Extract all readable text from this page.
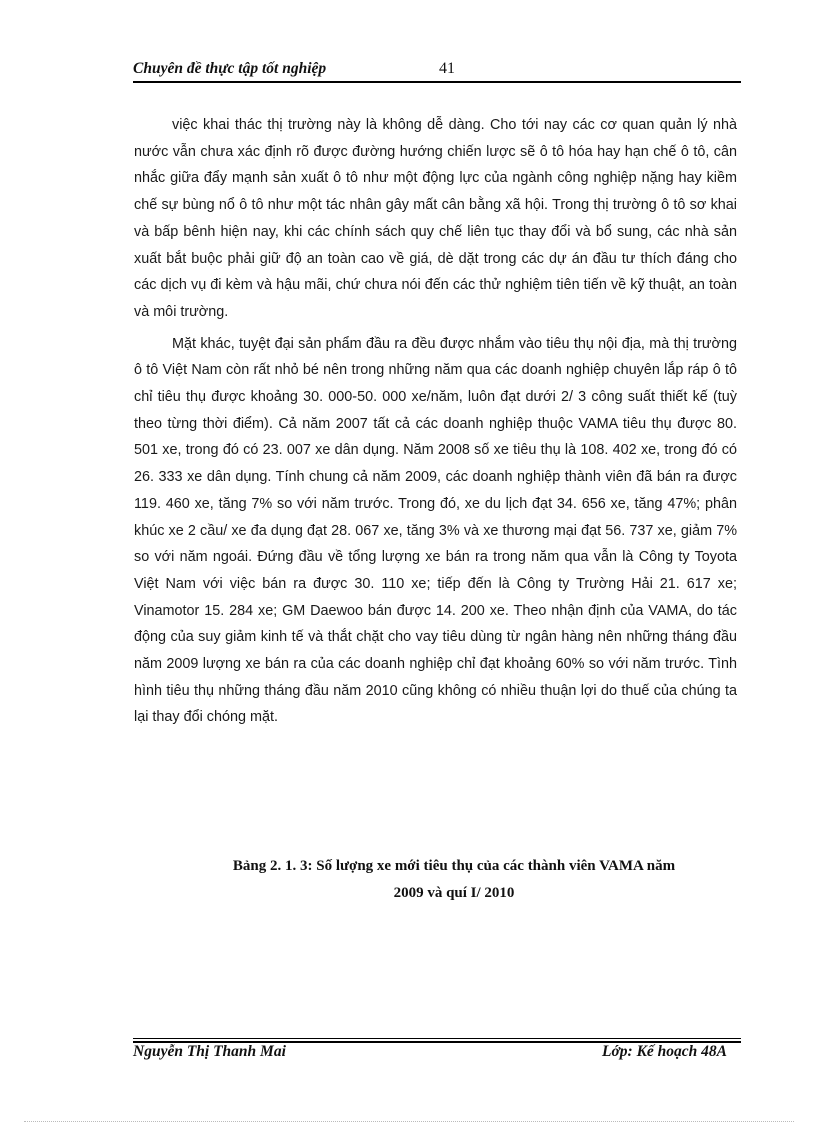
Chuyên đề thực tập tốt nghiệp	41

việc khai thác thị trường này là không dễ dàng. Cho tới nay các cơ quan quản lý nhà nước vẫn chưa xác định rõ được đường hướng chiến lược sẽ ô tô hóa hay hạn chế ô tô, cân nhắc giữa đẩy mạnh sản xuất ô tô như một động lực của ngành công nghiệp nặng hay kiềm chế sự bùng nổ ô tô như một tác nhân gây mất cân bằng xã hội. Trong thị trường ô tô sơ khai và bấp bênh hiện nay, khi các chính sách quy chế liên tục thay đổi và bổ sung, các nhà sản xuất bắt buộc phải giữ độ an toàn cao về giá, dè dặt trong các dự án đầu tư thích đáng cho các dịch vụ đi kèm và hậu mãi, chứ chưa nói đến các thử nghiệm tiên tiến về kỹ thuật, an toàn và môi trường.

Mặt khác, tuyệt đại sản phẩm đầu ra đều được nhắm vào tiêu thụ nội địa, mà thị trường ô tô Việt Nam còn rất nhỏ bé nên trong những năm qua các doanh nghiệp chuyên lắp ráp ô tô chỉ tiêu thụ được khoảng 30. 000-50. 000 xe/năm, luôn đạt dưới 2/ 3 công suất thiết kế (tuỳ theo từng thời điểm). Cả năm 2007 tất cả các doanh nghiệp thuộc VAMA tiêu thụ được 80. 501 xe, trong đó có 23. 007 xe dân dụng. Năm 2008 số xe tiêu thụ là 108. 402 xe, trong đó có 26. 333 xe dân dụng. Tính chung cả năm 2009, các doanh nghiệp thành viên đã bán ra được 119. 460 xe, tăng 7% so với năm trước. Trong đó, xe du lịch đạt 34. 656 xe, tăng 47%; phân khúc xe 2 cầu/ xe đa dụng đạt 28. 067 xe, tăng 3% và xe thương mại đạt 56. 737 xe, giảm 7% so với năm ngoái. Đứng đầu về tổng lượng xe bán ra trong năm qua vẫn là Công ty Toyota Việt Nam với việc bán ra được 30. 110 xe; tiếp đến là Công ty Trường Hải 21. 617 xe; Vinamotor 15. 284 xe; GM Daewoo bán được 14. 200 xe. Theo nhận định của VAMA, do tác động của suy giảm kinh tế và thắt chặt cho vay tiêu dùng từ ngân hàng nên những tháng đầu năm 2009 lượng xe bán ra của các doanh nghiệp chỉ đạt khoảng 60% so với năm trước. Tình hình tiêu thụ những tháng đầu năm 2010 cũng không có nhiều thuận lợi do thuế của chúng ta lại thay đổi chóng mặt.

Bảng 2. 1. 3: Số lượng xe mới tiêu thụ của các thành viên VAMA năm
2009 và quí I/ 2010
Nguyễn Thị Thanh Mai	Lớp: Kế hoạch 48A
